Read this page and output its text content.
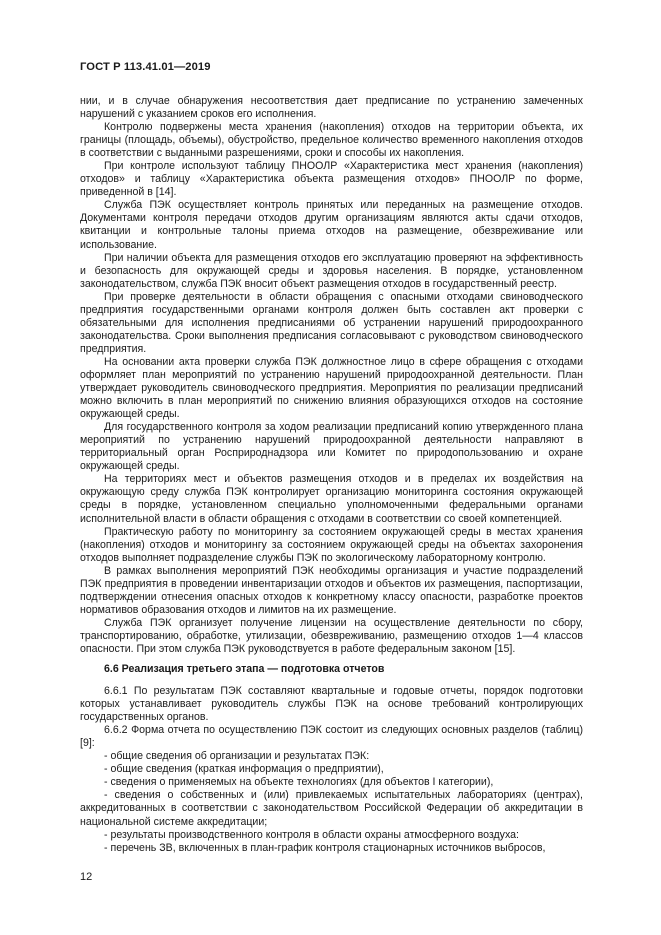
ГОСТ Р 113.41.01—2019

нии, и в случае обнаружения несоответствия дает предписание по устранению замеченных нарушений с указанием сроков его исполнения.

Контролю подвержены места хранения (накопления) отходов на территории объекта, их границы (площадь, объемы), обустройство, предельное количество временного накопления отходов в соответствии с выданными разрешениями, сроки и способы их накопления.

При контроле используют таблицу ПНООЛР «Характеристика мест хранения (накопления) отходов» и таблицу «Характеристика объекта размещения отходов» ПНООЛР по форме, приведенной в [14].

Служба ПЭК осуществляет контроль принятых или переданных на размещение отходов. Документами контроля передачи отходов другим организациям являются акты сдачи отходов, квитанции и контрольные талоны приема отходов на размещение, обезвреживание или использование.

При наличии объекта для размещения отходов его эксплуатацию проверяют на эффективность и безопасность для окружающей среды и здоровья населения. В порядке, установленном законодательством, служба ПЭК вносит объект размещения отходов в государственный реестр.

При проверке деятельности в области обращения с опасными отходами свиноводческого предприятия государственными органами контроля должен быть составлен акт проверки с обязательными для исполнения предписаниями об устранении нарушений природоохранного законодательства. Сроки выполнения предписания согласовывают с руководством свиноводческого предприятия.

На основании акта проверки служба ПЭК должностное лицо в сфере обращения с отходами оформляет план мероприятий по устранению нарушений природоохранной деятельности. План утверждает руководитель свиноводческого предприятия. Мероприятия по реализации предписаний можно включить в план мероприятий по снижению влияния образующихся отходов на состояние окружающей среды.

Для государственного контроля за ходом реализации предписаний копию утвержденного плана мероприятий по устранению нарушений природоохранной деятельности направляют в территориальный орган Росприроднадзора или Комитет по природопользованию и охране окружающей среды.

На территориях мест и объектов размещения отходов и в пределах их воздействия на окружающую среду служба ПЭК контролирует организацию мониторинга состояния окружающей среды в порядке, установленном специально уполномоченными федеральными органами исполнительной власти в области обращения с отходами в соответствии со своей компетенцией.

Практическую работу по мониторингу за состоянием окружающей среды в местах хранения (накопления) отходов и мониторингу за состоянием окружающей среды на объектах захоронения отходов выполняет подразделение службы ПЭК по экологическому лабораторному контролю.

В рамках выполнения мероприятий ПЭК необходимы организация и участие подразделений ПЭК предприятия в проведении инвентаризации отходов и объектов их размещения, паспортизации, подтверждении отнесения опасных отходов к конкретному классу опасности, разработке проектов нормативов образования отходов и лимитов на их размещение.

Служба ПЭК организует получение лицензии на осуществление деятельности по сбору, транспортированию, обработке, утилизации, обезвреживанию, размещению отходов 1—4 классов опасности. При этом служба ПЭК руководствуется в работе федеральным законом [15].

6.6 Реализация третьего этапа — подготовка отчетов

6.6.1 По результатам ПЭК составляют квартальные и годовые отчеты, порядок подготовки которых устанавливает руководитель службы ПЭК на основе требований контролирующих государственных органов.

6.6.2 Форма отчета по осуществлению ПЭК состоит из следующих основных разделов (таблиц) [9]:

- общие сведения об организации и результатах ПЭК:

- общие сведения (краткая информация о предприятии),

- сведения о применяемых на объекте технологиях (для объектов I категории),

- сведения о собственных и (или) привлекаемых испытательных лабораториях (центрах), аккредитованных в соответствии с законодательством Российской Федерации об аккредитации в национальной системе аккредитации;

- результаты производственного контроля в области охраны атмосферного воздуха:

- перечень ЗВ, включенных в план-график контроля стационарных источников выбросов,

12
